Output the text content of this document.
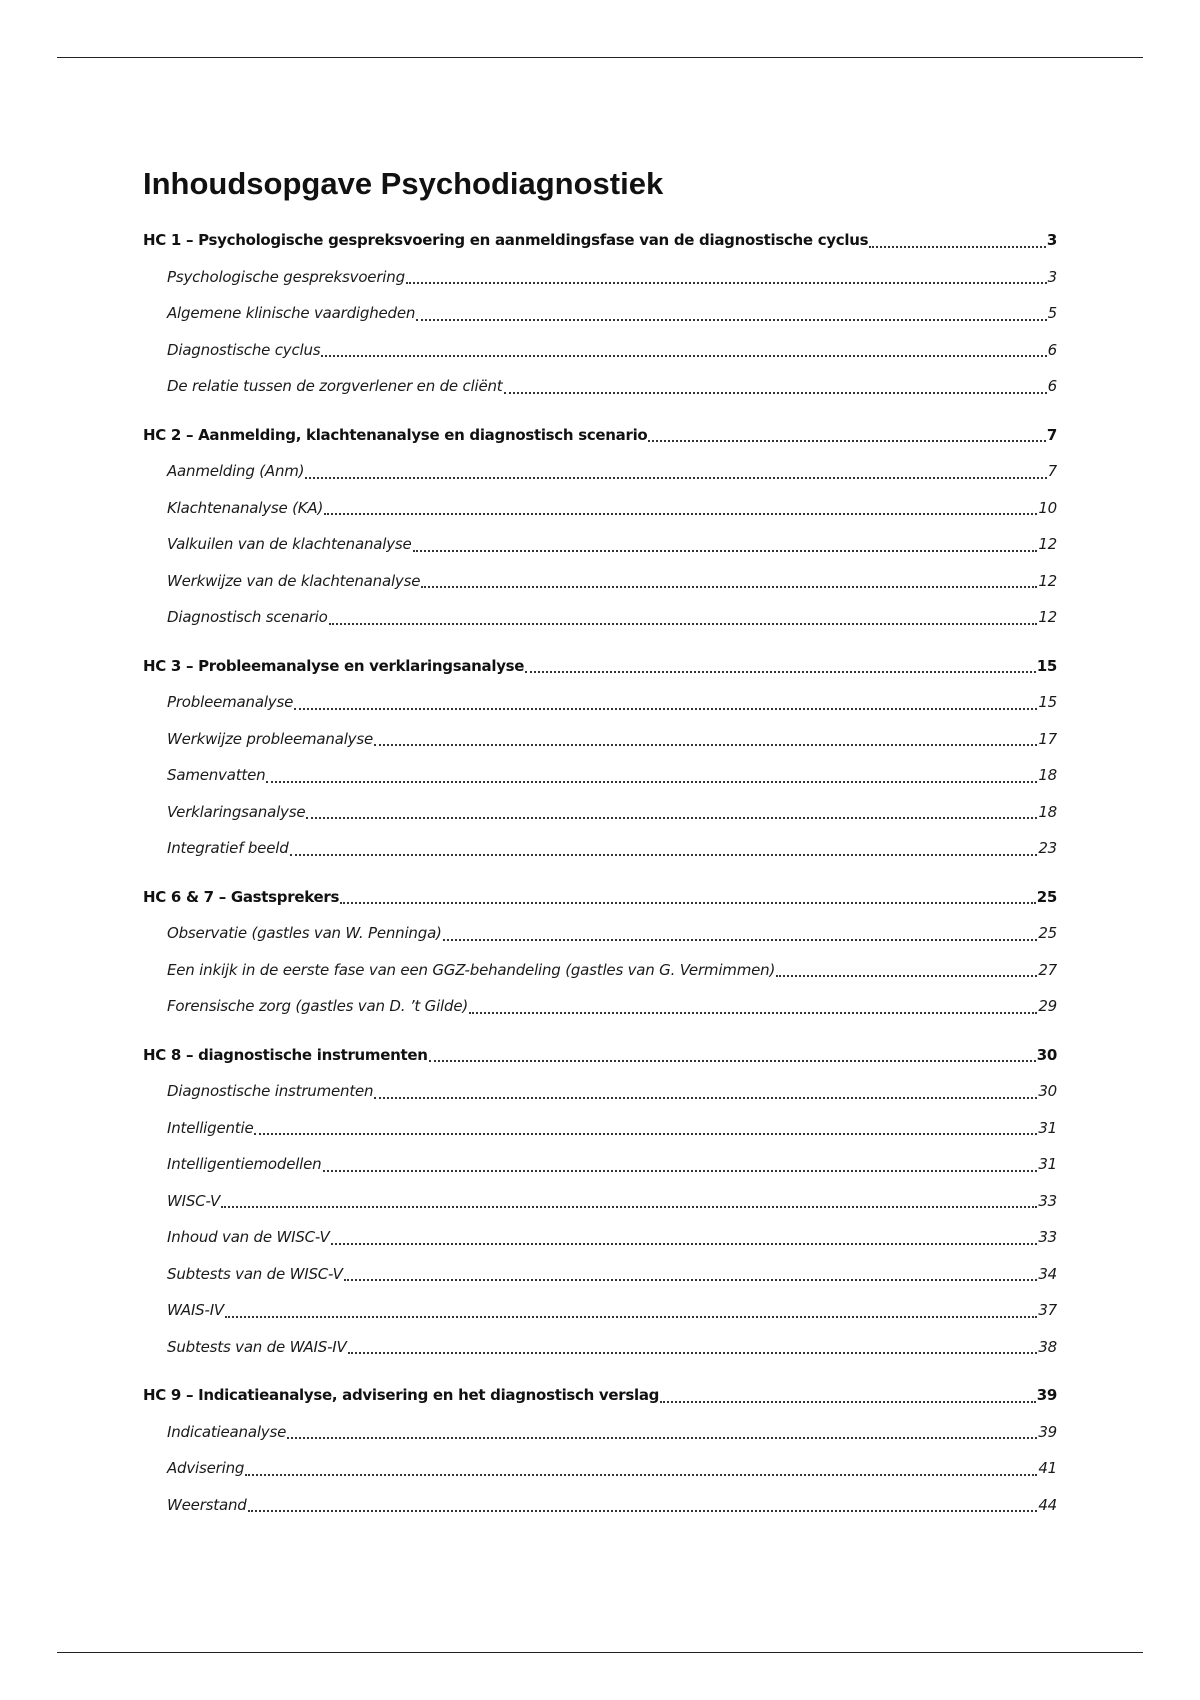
Inhoudsopgave Psychodiagnostiek
HC 1 – Psychologische gespreksvoering en aanmeldingsfase van de diagnostische cyclus	3
Psychologische gespreksvoering	3
Algemene klinische vaardigheden	5
Diagnostische cyclus	6
De relatie tussen de zorgverlener en de cliënt	6
HC 2 – Aanmelding, klachtenanalyse en diagnostisch scenario	7
Aanmelding (Anm)	7
Klachtenanalyse (KA)	10
Valkuilen van de klachtenanalyse	12
Werkwijze van de klachtenanalyse	12
Diagnostisch scenario	12
HC 3 – Probleemanalyse en verklaringsanalyse	15
Probleemanalyse	15
Werkwijze probleemanalyse	17
Samenvatten	18
Verklaringsanalyse	18
Integratief beeld	23
HC 6 & 7 – Gastsprekers	25
Observatie (gastles van W. Penninga)	25
Een inkijk in de eerste fase van een GGZ-behandeling (gastles van G. Vermimmen)	27
Forensische zorg (gastles van D. ’t Gilde)	29
HC 8 – diagnostische instrumenten	30
Diagnostische instrumenten	30
Intelligentie	31
Intelligentiemodellen	31
WISC-V	33
Inhoud van de WISC-V	33
Subtests van de WISC-V	34
WAIS-IV	37
Subtests van de WAIS-IV	38
HC 9 – Indicatieanalyse, advisering en het diagnostisch verslag	39
Indicatieanalyse	39
Advisering	41
Weerstand	44
